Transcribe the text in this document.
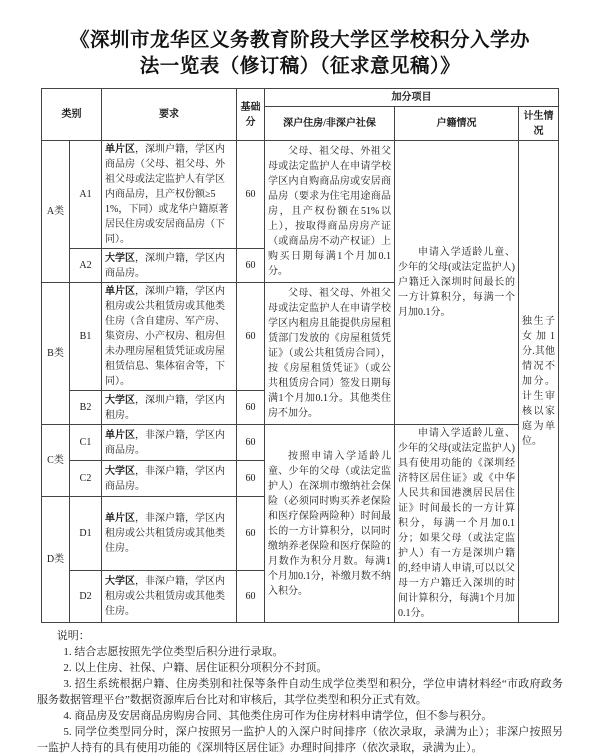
《深圳市龙华区义务教育阶段大学区学校积分入学办
法一览表（修订稿）（征求意见稿）》
类别		要求	基础分	加分项目		
				深户住房/非深户社保	户籍情况	计生情况
A类	A1	单片区，深圳户籍，学区内商品房（父母、祖父母、外祖父母或法定监护人有学区内商品房，且产权份额≥51%，下同）或龙华户籍原著居民住房或安居商品房（下同）。	60	父母、祖父母、外祖父母或法定监护人在申请学校学区内自购商品房或安居商品房（要求为住宅用途商品房，且产权份额在51%以上），按取得商品房房产证（或商品房不动产权证）上购买日期每满1个月加0.1分。	申请入学适龄儿童、少年的父母(或法定监护人)户籍迁入深圳时间最长的一方计算积分，每满一个月加0.1分。	独生子女加1分.其他情况不加分。计生审核以家庭为单位。
	A2	大学区，深圳户籍，学区内商品房。	60			
B类	B1	单片区，深圳户籍，学区内租房或公共租赁房或其他类住房（含自建房、军产房、集资房、小产权房、租房但未办理房屋租赁凭证或房屋租赁信息、集体宿舍等，下同）。	60	父母、祖父母、外祖父母或法定监护人在申请学校学区内租房且能提供房屋租赁部门发放的《房屋租赁凭证》（或公共租赁房合同），按《房屋租赁凭证》（或公共租赁房合同）签发日期每满1个月加0.1分。其他类住房不加分。		

	B2	大学区，深圳户籍，学区内租房。	60			
C类	C1	单片区，非深户籍，学区内商品房。	60	按照申请入学适龄儿童、少年的父母（或法定监护人）在深圳市缴纳社会保险（必须同时购买养老保险和医疗保险两险种）时间最长的一方计算积分，以同时缴纳养老保险和医疗保险的月数作为积分月数。每满1个月加0.1分，补缴月数不纳入积分。	申请入学适龄儿童、少年的父母(或法定监护人)具有使用功能的《深圳经济特区居住证》或《中华人民共和国港澳居民居住证》时间最长的一方计算积分，每满一个月加0.1分；如果父母（或法定监护人）有一方是深圳户籍的,经申请人申请,可以以父母一方户籍迁入深圳的时间计算积分，每满1个月加0.1分。	

	C2	大学区，非深户籍，学区内商品房。	60			
D类	D1	单片区，非深户籍，学区内租房或公共租赁房或其他类住房。	60			
	D2	大学区，非深户籍，学区内租房或公共租赁房或其他类住房。	60			

说明：

1. 结合志愿按照先学位类型后积分进行录取。

2. 以上住房、社保、户籍、居住证积分项积分不封顶。

3. 招生系统根据户籍、住房类别和社保等条件自动生成学位类型和积分，学位申请材料经“市政府政务服务数据管理平台”数据资源库后台比对和审核后，其学位类型和积分正式有效。

4. 商品房及安居商品房购房合同、其他类住房可作为住房材料申请学位，但不参与积分。

5. 同学位类型同分时，深户按照另一监护人的入深户时间排序（依次录取，录满为止）；非深户按照另一监护人持有的具有使用功能的《深圳特区居住证》办理时间排序（依次录取，录满为止）。
